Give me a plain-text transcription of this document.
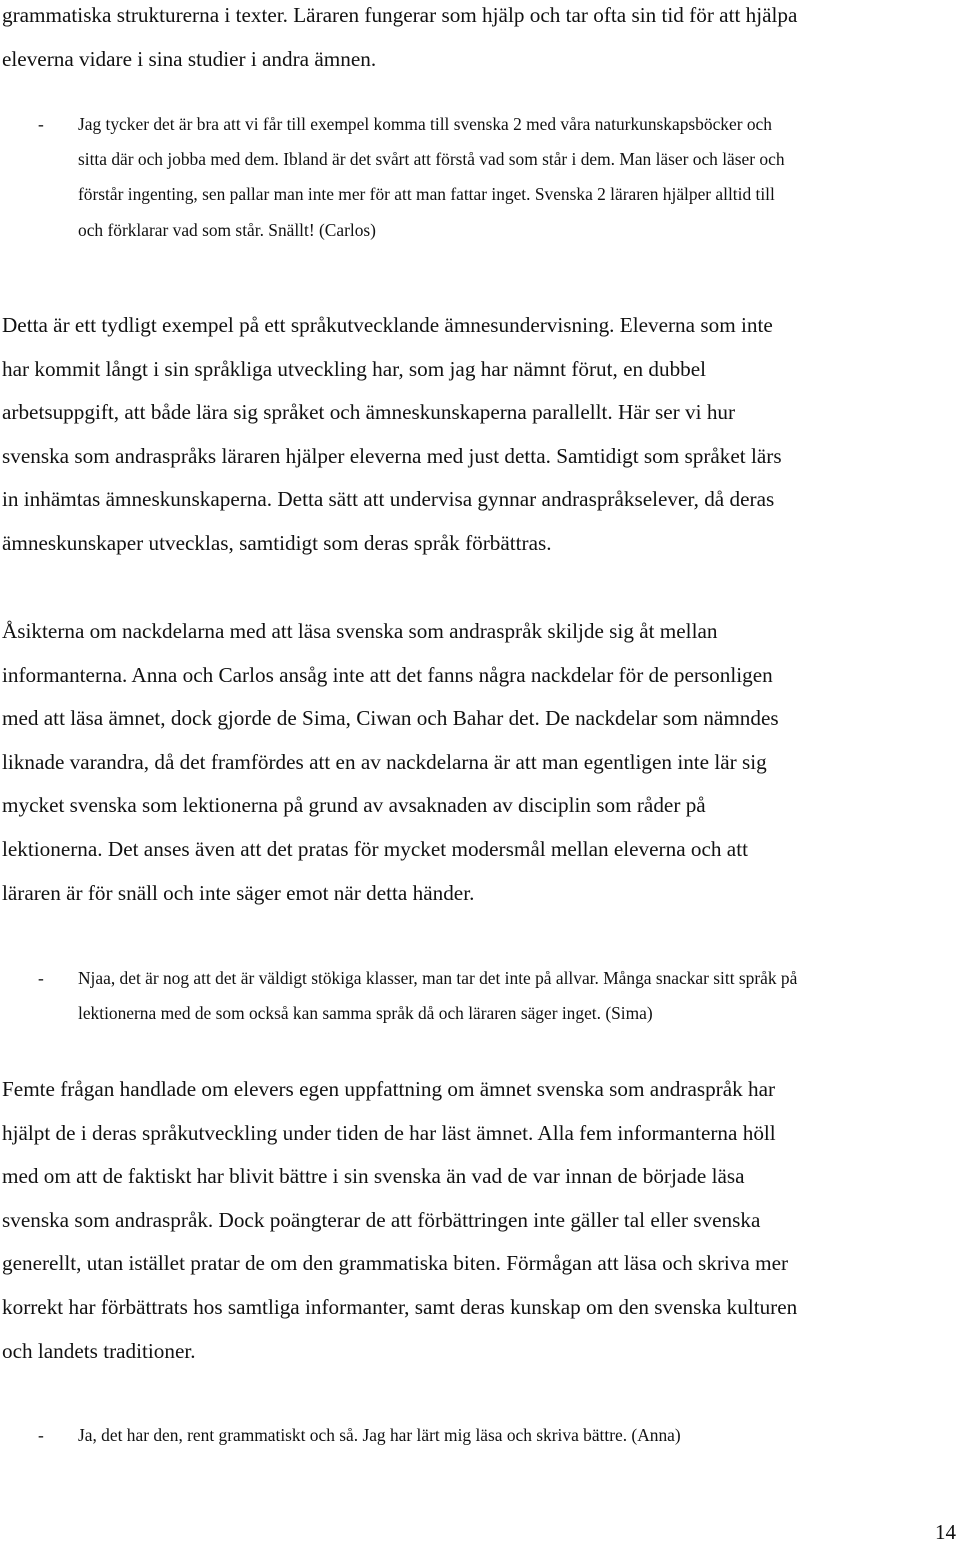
grammatiska strukturerna i texter. Läraren fungerar som hjälp och tar ofta sin tid för att hjälpa
eleverna vidare i sina studier i andra ämnen.

- Jag tycker det är bra att vi får till exempel komma till svenska 2 med våra naturkunskapsböcker och
sitta där och jobba med dem. Ibland är det svårt att förstå vad som står i dem. Man läser och läser och
förstår ingenting, sen pallar man inte mer för att man fattar inget. Svenska 2 läraren hjälper alltid till
och förklarar vad som står. Snällt! (Carlos)

Detta är ett tydligt exempel på ett språkutvecklande ämnesundervisning. Eleverna som inte
har kommit långt i sin språkliga utveckling har, som jag har nämnt förut, en dubbel
arbetsuppgift, att både lära sig språket och ämneskunskaperna parallellt. Här ser vi hur
svenska som andraspråks läraren hjälper eleverna med just detta. Samtidigt som språket lärs
in inhämtas ämneskunskaperna. Detta sätt att undervisa gynnar andraspråkselever, då deras
ämneskunskaper utvecklas, samtidigt som deras språk förbättras.

Åsikterna om nackdelarna med att läsa svenska som andraspråk skiljde sig åt mellan
informanterna. Anna och Carlos ansåg inte att det fanns några nackdelar för de personligen
med att läsa ämnet, dock gjorde de Sima, Ciwan och Bahar det. De nackdelar som nämndes
liknade varandra, då det framfördes att en av nackdelarna är att man egentligen inte lär sig
mycket svenska som lektionerna på grund av avsaknaden av disciplin som råder på
lektionerna. Det anses även att det pratas för mycket modersmål mellan eleverna och att
läraren är för snäll och inte säger emot när detta händer.

- Njaa, det är nog att det är väldigt stökiga klasser, man tar det inte på allvar. Många snackar sitt språk på
lektionerna med de som också kan samma språk då och läraren säger inget. (Sima)

Femte frågan handlade om elevers egen uppfattning om ämnet svenska som andraspråk har
hjälpt de i deras språkutveckling under tiden de har läst ämnet. Alla fem informanterna höll
med om att de faktiskt har blivit bättre i sin svenska än vad de var innan de började läsa
svenska som andraspråk. Dock poängterar de att förbättringen inte gäller tal eller svenska
generellt, utan istället pratar de om den grammatiska biten. Förmågan att läsa och skriva mer
korrekt har förbättrats hos samtliga informanter, samt deras kunskap om den svenska kulturen
och landets traditioner.

- Ja, det har den, rent grammatiskt och så. Jag har lärt mig läsa och skriva bättre. (Anna)
14
